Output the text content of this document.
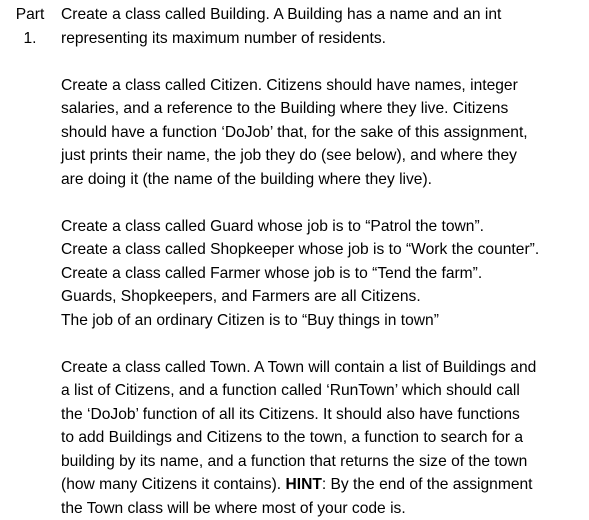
Part
1.
Create a class called Building. A Building has a name and an int
representing its maximum number of residents.
Create a class called Citizen. Citizens should have names, integer
salaries, and a reference to the Building where they live. Citizens
should have a function ‘DoJob’ that, for the sake of this assignment,
just prints their name, the job they do (see below), and where they
are doing it (the name of the building where they live).
Create a class called Guard whose job is to “Patrol the town”.
Create a class called Shopkeeper whose job is to “Work the counter”.
Create a class called Farmer whose job is to “Tend the farm”.
Guards, Shopkeepers, and Farmers are all Citizens.
The job of an ordinary Citizen is to “Buy things in town”
Create a class called Town. A Town will contain a list of Buildings and
a list of Citizens, and a function called ‘RunTown’ which should call
the ‘DoJob’ function of all its Citizens. It should also have functions
to add Buildings and Citizens to the town, a function to search for a
building by its name, and a function that returns the size of the town
(how many Citizens it contains). HINT: By the end of the assignment
the Town class will be where most of your code is.
